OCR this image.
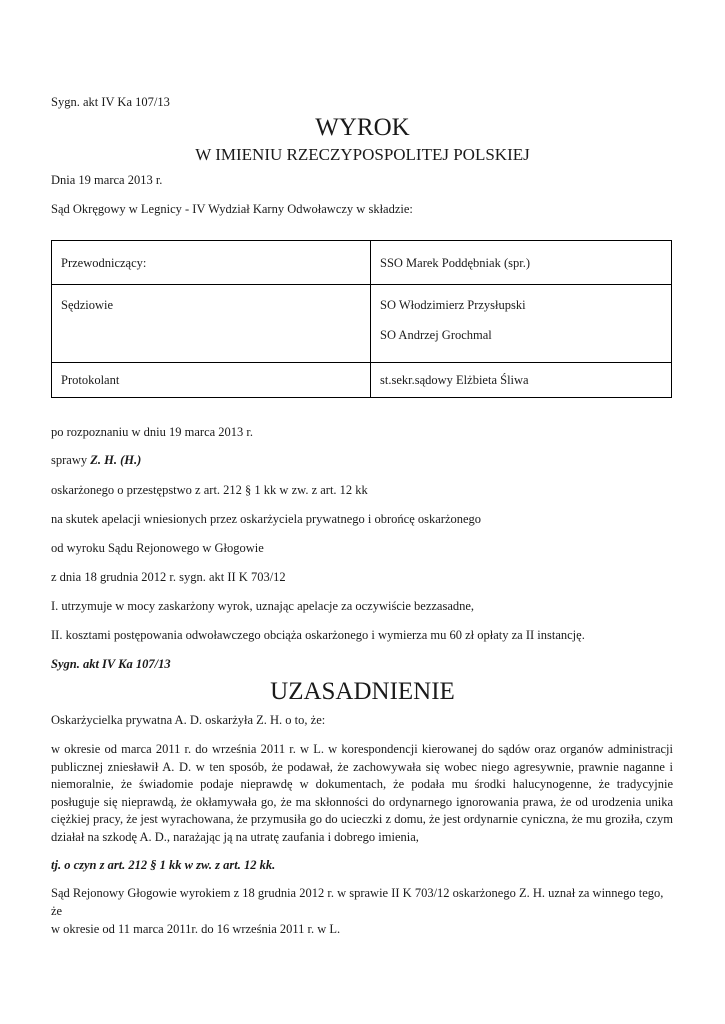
Sygn. akt IV Ka 107/13
WYROK
W IMIENIU RZECZYPOSPOLITEJ POLSKIEJ
Dnia 19 marca 2013 r.
Sąd Okręgowy w Legnicy - IV Wydział Karny Odwoławczy w składzie:
Przewodniczący:	SSO Marek Poddębniak (spr.)

Sędziowie	SO Włodzimierz Przysłupski
SO Andrzej Grochmal

Protokolant	st.sekr.sądowy Elżbieta Śliwa
po rozpoznaniu w dniu 19 marca 2013 r.
sprawy Z. H. (H.)
oskarżonego o przestępstwo z art. 212 § 1 kk w zw. z art. 12 kk
na skutek apelacji wniesionych przez oskarżyciela prywatnego i obrońcę oskarżonego
od wyroku Sądu Rejonowego w Głogowie
z dnia 18 grudnia 2012 r. sygn. akt II K 703/12
I. utrzymuje w mocy zaskarżony wyrok, uznając apelacje za oczywiście bezzasadne,
II. kosztami postępowania odwoławczego obciąża oskarżonego i wymierza mu 60 zł opłaty za II instancję.
Sygn. akt IV Ka 107/13
UZASADNIENIE
Oskarżycielka prywatna A. D. oskarżyła Z. H. o to, że:
w okresie od marca 2011 r. do września 2011 r. w L. w korespondencji kierowanej do sądów oraz organów administracji publicznej zniesławił A. D. w ten sposób, że podawał, że zachowywała się wobec niego agresywnie, prawnie naganne i niemoralnie, że świadomie podaje nieprawdę w dokumentach, że podała mu środki halucynogenne, że tradycyjnie posługuje się nieprawdą, że okłamywała go, że ma skłonności do ordynarnego ignorowania prawa, że od urodzenia unika ciężkiej pracy, że jest wyrachowana, że przymusiła go do ucieczki z domu, że jest ordynarnie cyniczna, że mu groziła, czym działał na szkodę A. D., narażając ją na utratę zaufania i dobrego imienia,
tj. o czyn z art. 212 § 1 kk w zw. z art. 12 kk.
Sąd Rejonowy Głogowie wyrokiem z 18 grudnia 2012 r. w sprawie II K 703/12 oskarżonego Z. H. uznał za winnego tego, że
w okresie od 11 marca 2011r. do 16 września 2011 r. w L.
